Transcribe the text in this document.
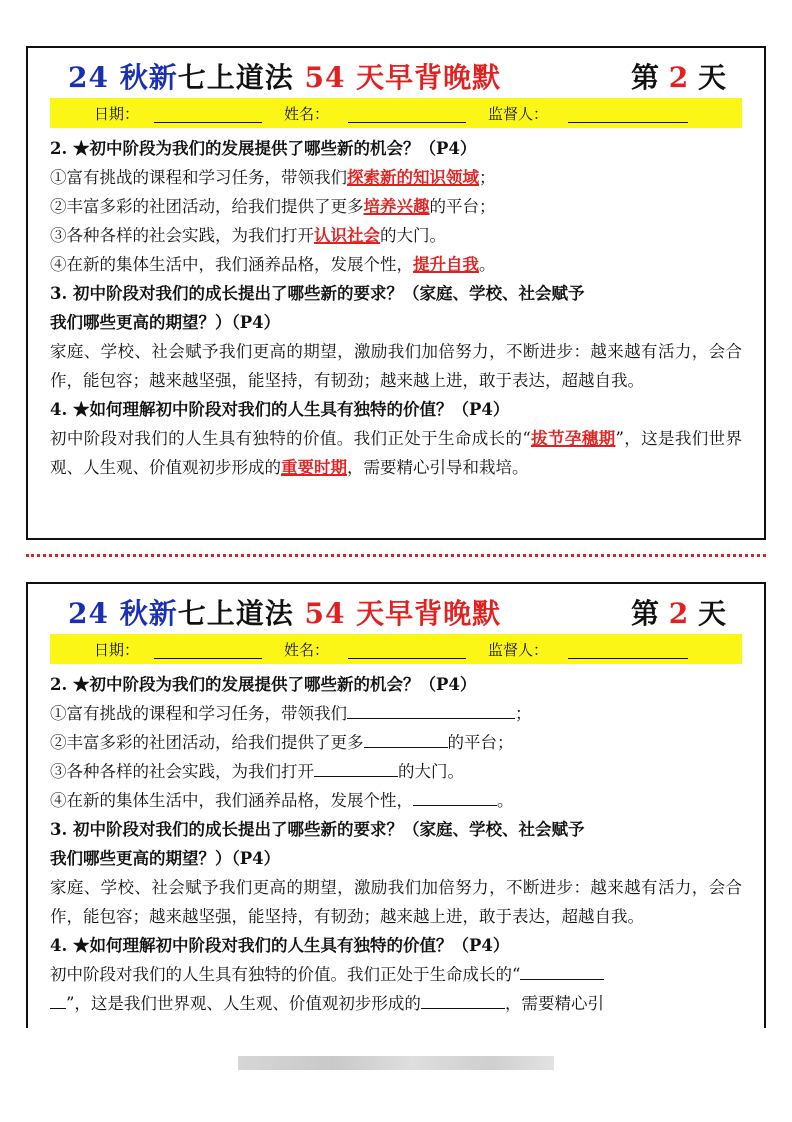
24 秋新七上道法 54 天早背晚默	第 2 天
日期：	姓名：	监督人：

2. ★初中阶段为我们的发展提供了哪些新的机会？（P4）

①富有挑战的课程和学习任务，带领我们探索新的知识领域；

②丰富多彩的社团活动，给我们提供了更多培养兴趣的平台；

③各种各样的社会实践，为我们打开认识社会的大门。

④在新的集体生活中，我们涵养品格，发展个性，提升自我。

3. 初中阶段对我们的成长提出了哪些新的要求？（家庭、学校、社会赋予

我们哪些更高的期望？）（P4）

家庭、学校、社会赋予我们更高的期望，激励我们加倍努力，不断进步：越来越有活力，会合作，能包容；越来越坚强，能坚持，有韧劲；越来越上进，敢于表达，超越自我。

4. ★如何理解初中阶段对我们的人生具有独特的价值？（P4）

初中阶段对我们的人生具有独特的价值。我们正处于生命成长的“拔节孕穗期”，这是我们世界观、人生观、价值观初步形成的重要时期，需要精心引导和栽培。

24 秋新七上道法 54 天早背晚默	第 2 天
日期：	姓名：	监督人：

2. ★初中阶段为我们的发展提供了哪些新的机会？（P4）

①富有挑战的课程和学习任务，带领我们	；

②丰富多彩的社团活动，给我们提供了更多	的平台；

③各种各样的社会实践，为我们打开	的大门。

④在新的集体生活中，我们涵养品格，发展个性，	。

3. 初中阶段对我们的成长提出了哪些新的要求？（家庭、学校、社会赋予

我们哪些更高的期望？）（P4）

家庭、学校、社会赋予我们更高的期望，激励我们加倍努力，不断进步：越来越有活力，会合作，能包容；越来越坚强，能坚持，有韧劲；越来越上进，敢于表达，超越自我。

4. ★如何理解初中阶段对我们的人生具有独特的价值？（P4）

初中阶段对我们的人生具有独特的价值。我们正处于生命成长的“

”，这是我们世界观、人生观、价值观初步形成的	，需要精心引
